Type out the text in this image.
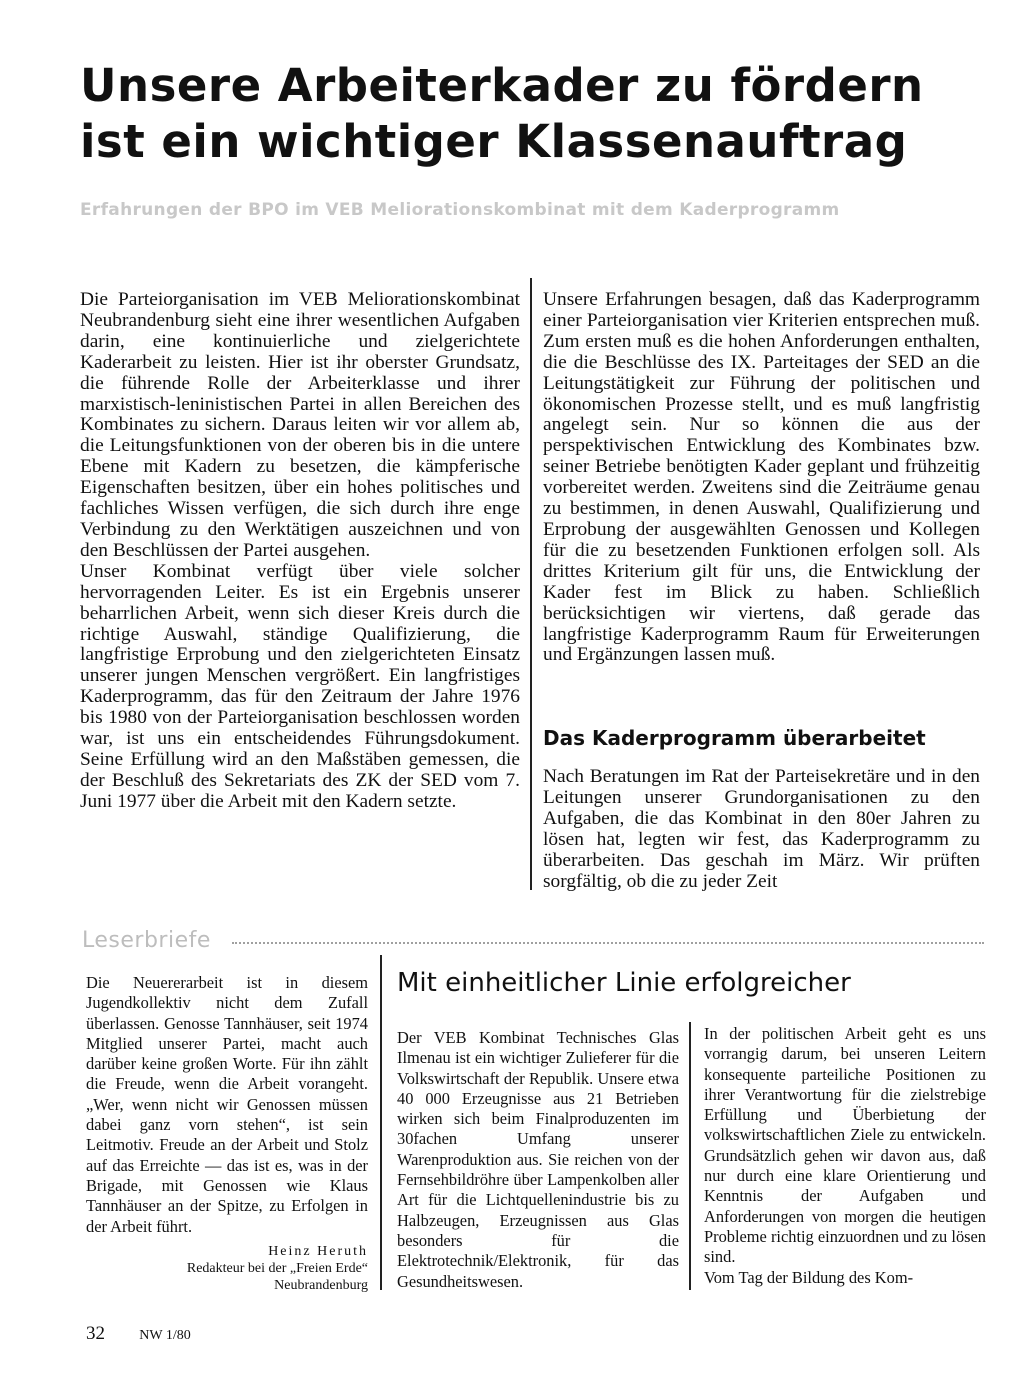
Unsere Arbeiterkader zu fördern
ist ein wichtiger Klassenauftrag
Erfahrungen der BPO im VEB Meliorationskombinat mit dem Kaderprogramm

Die Parteiorganisation im VEB Meliorationskombinat Neubrandenburg sieht eine ihrer wesentlichen Aufgaben darin, eine kontinuierliche und zielgerichtete Kaderarbeit zu leisten. Hier ist ihr oberster Grundsatz, die führende Rolle der Arbeiterklasse und ihrer marxistisch-leninistischen Partei in allen Bereichen des Kombinates zu sichern. Daraus leiten wir vor allem ab, die Leitungsfunktionen von der oberen bis in die untere Ebene mit Kadern zu besetzen, die kämpferische Eigenschaften besitzen, über ein hohes politisches und fachliches Wissen verfügen, die sich durch ihre enge Verbindung zu den Werktätigen auszeichnen und von den Beschlüssen der Partei ausgehen.

Unser Kombinat verfügt über viele solcher hervorragenden Leiter. Es ist ein Ergebnis unserer beharrlichen Arbeit, wenn sich dieser Kreis durch die richtige Auswahl, ständige Qualifizierung, die langfristige Erprobung und den zielgerichteten Einsatz unserer jungen Menschen vergrößert. Ein langfristiges Kaderprogramm, das für den Zeitraum der Jahre 1976 bis 1980 von der Parteiorganisation beschlossen worden war, ist uns ein entscheidendes Führungsdokument. Seine Erfüllung wird an den Maßstäben gemessen, die der Beschluß des Sekretariats des ZK der SED vom 7. Juni 1977 über die Arbeit mit den Kadern setzte.

Unsere Erfahrungen besagen, daß das Kaderprogramm einer Parteiorganisation vier Kriterien entsprechen muß. Zum ersten muß es die hohen Anforderungen enthalten, die die Beschlüsse des IX. Parteitages der SED an die Leitungstätigkeit zur Führung der politischen und ökonomischen Prozesse stellt, und es muß langfristig angelegt sein. Nur so können die aus der perspektivischen Entwicklung des Kombinates bzw. seiner Betriebe benötigten Kader geplant und frühzeitig vorbereitet werden. Zweitens sind die Zeiträume genau zu bestimmen, in denen Auswahl, Qualifizierung und Erprobung der ausgewählten Genossen und Kollegen für die zu besetzenden Funktionen erfolgen soll. Als drittes Kriterium gilt für uns, die Entwicklung der Kader fest im Blick zu haben. Schließlich berücksichtigen wir viertens, daß gerade das langfristige Kaderprogramm Raum für Erweiterungen und Ergänzungen lassen muß.

Das Kaderprogramm überarbeitet

Nach Beratungen im Rat der Parteisekretäre und in den Leitungen unserer Grundorganisationen zu den Aufgaben, die das Kombinat in den 80er Jahren zu lösen hat, legten wir fest, das Kaderprogramm zu überarbeiten. Das geschah im März. Wir prüften sorgfältig, ob die zu jeder Zeit

Leserbriefe

Die Neuererarbeit ist in diesem Jugendkollektiv nicht dem Zufall überlassen. Genosse Tannhäuser, seit 1974 Mitglied unserer Partei, macht auch darüber keine großen Worte. Für ihn zählt die Freude, wenn die Arbeit vorangeht. „Wer, wenn nicht wir Genossen müssen dabei ganz vorn stehen“, ist sein Leitmotiv. Freude an der Arbeit und Stolz auf das Erreichte — das ist es, was in der Brigade, mit Genossen wie Klaus Tannhäuser an der Spitze, zu Erfolgen in der Arbeit führt.

Heinz Heruth
Redakteur bei der „Freien Erde“
Neubrandenburg
Mit einheitlicher Linie erfolgreicher

Der VEB Kombinat Technisches Glas Ilmenau ist ein wichtiger Zulieferer für die Volkswirtschaft der Republik. Unsere etwa 40 000 Erzeugnisse aus 21 Betrieben wirken sich beim Finalproduzenten im 30fachen Umfang unserer Warenproduktion aus. Sie reichen von der Fernsehbildröhre über Lampenkolben aller Art für die Lichtquellenindustrie bis zu Halbzeugen, Erzeugnissen aus Glas besonders für die Elektrotechnik/Elektronik, für das Gesundheitswesen.

In der politischen Arbeit geht es uns vorrangig darum, bei unseren Leitern konsequente parteiliche Positionen zu ihrer Verantwortung für die zielstrebige Erfüllung und Überbietung der volkswirtschaftlichen Ziele zu entwickeln. Grundsätzlich gehen wir davon aus, daß nur durch eine klare Orientierung und Kenntnis der Aufgaben und Anforderungen von morgen die heutigen Probleme richtig einzuordnen und zu lösen sind.

Vom Tag der Bildung des Kom-

32 NW 1/80
